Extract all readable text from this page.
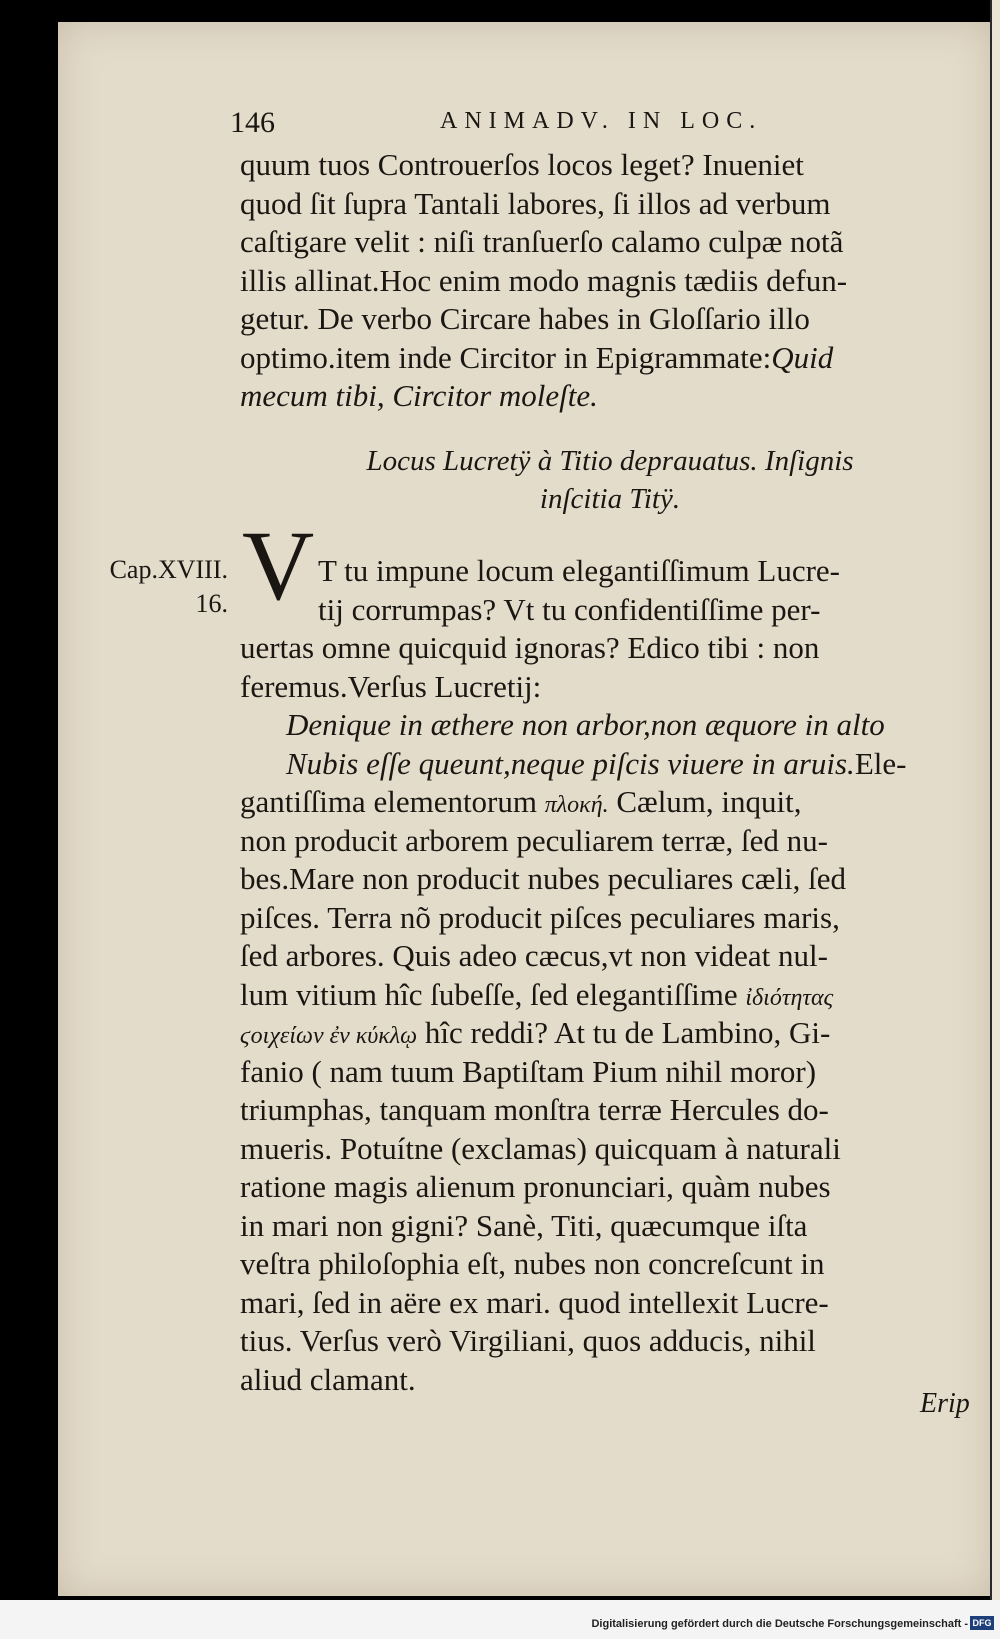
146	ANIMADV. IN LOC.
quum tuos Controuerſos locos leget? Inueniet
quod ſit ſupra Tantali labores, ſi illos ad verbum
caſtigare velit : niſi tranſuerſo calamo culpæ notã
illis allinat.Hoc enim modo magnis tædiis defun-
getur. De verbo Circare habes in Gloſſario illo
optimo.item inde Circitor in Epigrammate:Quid
mecum tibi, Circitor moleſte.
Locus Lucretÿ à Titio deprauatus. Inſignis
inſcitia Titÿ.
Cap.XVIII.
16. V T tu impune locum elegantiſſimum Lucre-
tij corrumpas? Vt tu confidentiſſime per-
uertas omne quicquid ignoras? Edico tibi : non
feremus.Verſus Lucretij:
Denique in æthere non arbor,non æquore in alto
Nubis eſſe queunt,neque piſcis viuere in aruis.Ele-
gantiſſima elementorum πλοκή. Cælum, inquit,
non producit arborem peculiarem terræ, ſed nu-
bes.Mare non producit nubes peculiares cæli, ſed
piſces. Terra nõ producit piſces peculiares maris,
ſed arbores. Quis adeo cæcus,vt non videat nul-
lum vitium hîc ſubeſſe, ſed elegantiſſime ἰδιότητας
ϛοιχείων ἐν κύκλῳ hîc reddi? At tu de Lambino, Gi-
fanio ( nam tuum Baptiſtam Pium nihil moror)
triumphas, tanquam monſtra terræ Hercules do-
mueris. Potuítne (exclamas) quicquam à naturali
ratione magis alienum pronunciari, quàm nubes
in mari non gigni? Sanè, Titi, quæcumque iſta
veſtra philoſophia eſt, nubes non concreſcunt in
mari, ſed in aëre ex mari. quod intellexit Lucre-
tius. Verſus verò Virgiliani, quos adducis, nihil
aliud clamant.
Erip
Digitalisierung gefördert durch die Deutsche Forschungsgemeinschaft - DFG
